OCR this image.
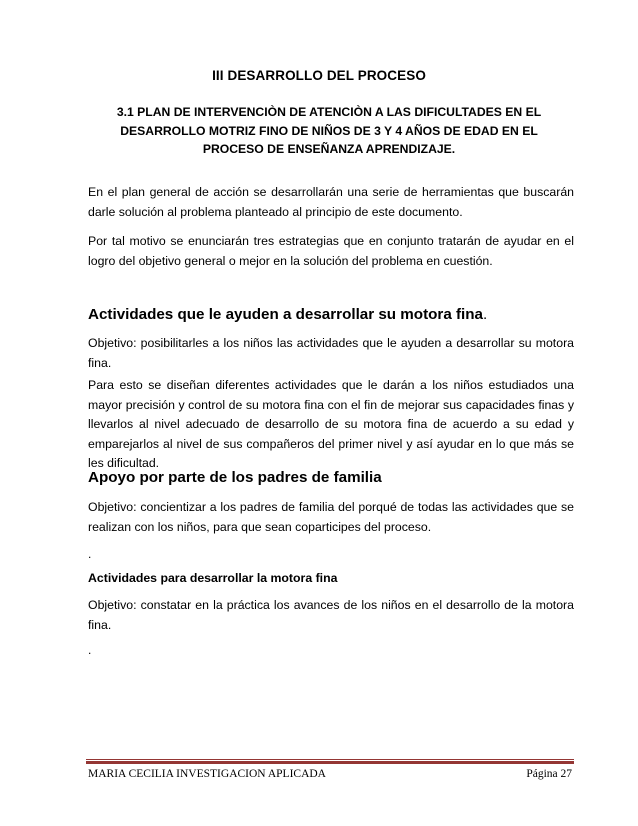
III DESARROLLO DEL PROCESO
3.1 PLAN DE INTERVENCIÒN DE ATENCIÒN A LAS DIFICULTADES EN EL DESARROLLO MOTRIZ FINO DE NIÑOS DE 3 Y 4 AÑOS DE EDAD EN EL PROCESO DE ENSEÑANZA APRENDIZAJE.
En el plan general de acción se desarrollarán una serie de herramientas que buscarán darle solución al problema planteado al principio de este documento.
Por tal motivo se enunciarán tres estrategias que en conjunto tratarán de ayudar en el logro del objetivo general o mejor en la solución del problema en cuestión.
Actividades que le ayuden a desarrollar su motora fina.
Objetivo: posibilitarles a los niños las actividades que le ayuden a desarrollar su motora fina.
Para esto se diseñan diferentes actividades que le darán a los niños estudiados una mayor precisión y control de su motora fina con el fin de mejorar sus capacidades finas y llevarlos al nivel adecuado de desarrollo de su motora fina de acuerdo a su edad y emparejarlos al nivel de sus compañeros del primer nivel y así ayudar en lo que más se les dificultad.
Apoyo por parte de los padres de familia
Objetivo: concientizar a los padres de familia del porqué de todas las actividades que se realizan con los niños, para que sean coparticipes del proceso.
.
Actividades para desarrollar la motora fina
Objetivo: constatar en la práctica los avances de los niños en el desarrollo de la motora fina.
.
MARIA CECILIA INVESTIGACION APLICADA	Página 27
